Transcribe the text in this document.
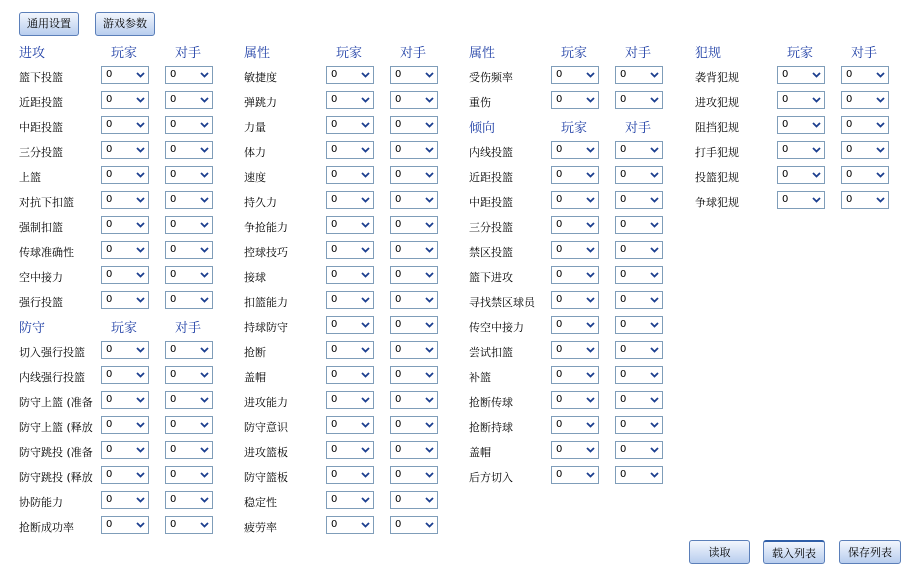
通用设置	游戏参数
进攻	玩家	对手
篮下投篮	0	0
近距投篮	0	0
中距投篮	0	0
三分投篮	0	0
上篮	0	0
对抗下扣篮	0	0
强制扣篮	0	0
传球准确性	0	0
空中接力	0	0
强行投篮	0	0
防守	玩家	对手
切入强行投篮	0	0
内线强行投篮	0	0
防守上篮 (准备	0	0
防守上篮 (释放	0	0
防守跳投 (准备	0	0
防守跳投 (释放	0	0
协防能力	0	0
抢断成功率	0	0
属性	玩家	对手
敏捷度	0	0
弹跳力	0	0
力量	0	0
体力	0	0
速度	0	0
持久力	0	0
争抢能力	0	0
控球技巧	0	0
接球	0	0
扣篮能力	0	0
持球防守	0	0
抢断	0	0
盖帽	0	0
进攻能力	0	0
防守意识	0	0
进攻篮板	0	0
防守篮板	0	0
稳定性	0	0
疲劳率	0	0
属性	玩家	对手
受伤频率	0	0
重伤	0	0
倾向	玩家	对手
内线投篮	0	0
近距投篮	0	0
中距投篮	0	0
三分投篮	0	0
禁区投篮	0	0
篮下进攻	0	0
寻找禁区球员	0	0
传空中接力	0	0
尝试扣篮	0	0
补篮	0	0
抢断传球	0	0
抢断持球	0	0
盖帽	0	0
后方切入	0	0
犯规	玩家	对手
袭背犯规	0	0
进攻犯规	0	0
阻挡犯规	0	0
打手犯规	0	0
投篮犯规	0	0
争球犯规	0	0
读取	载入列表	保存列表
